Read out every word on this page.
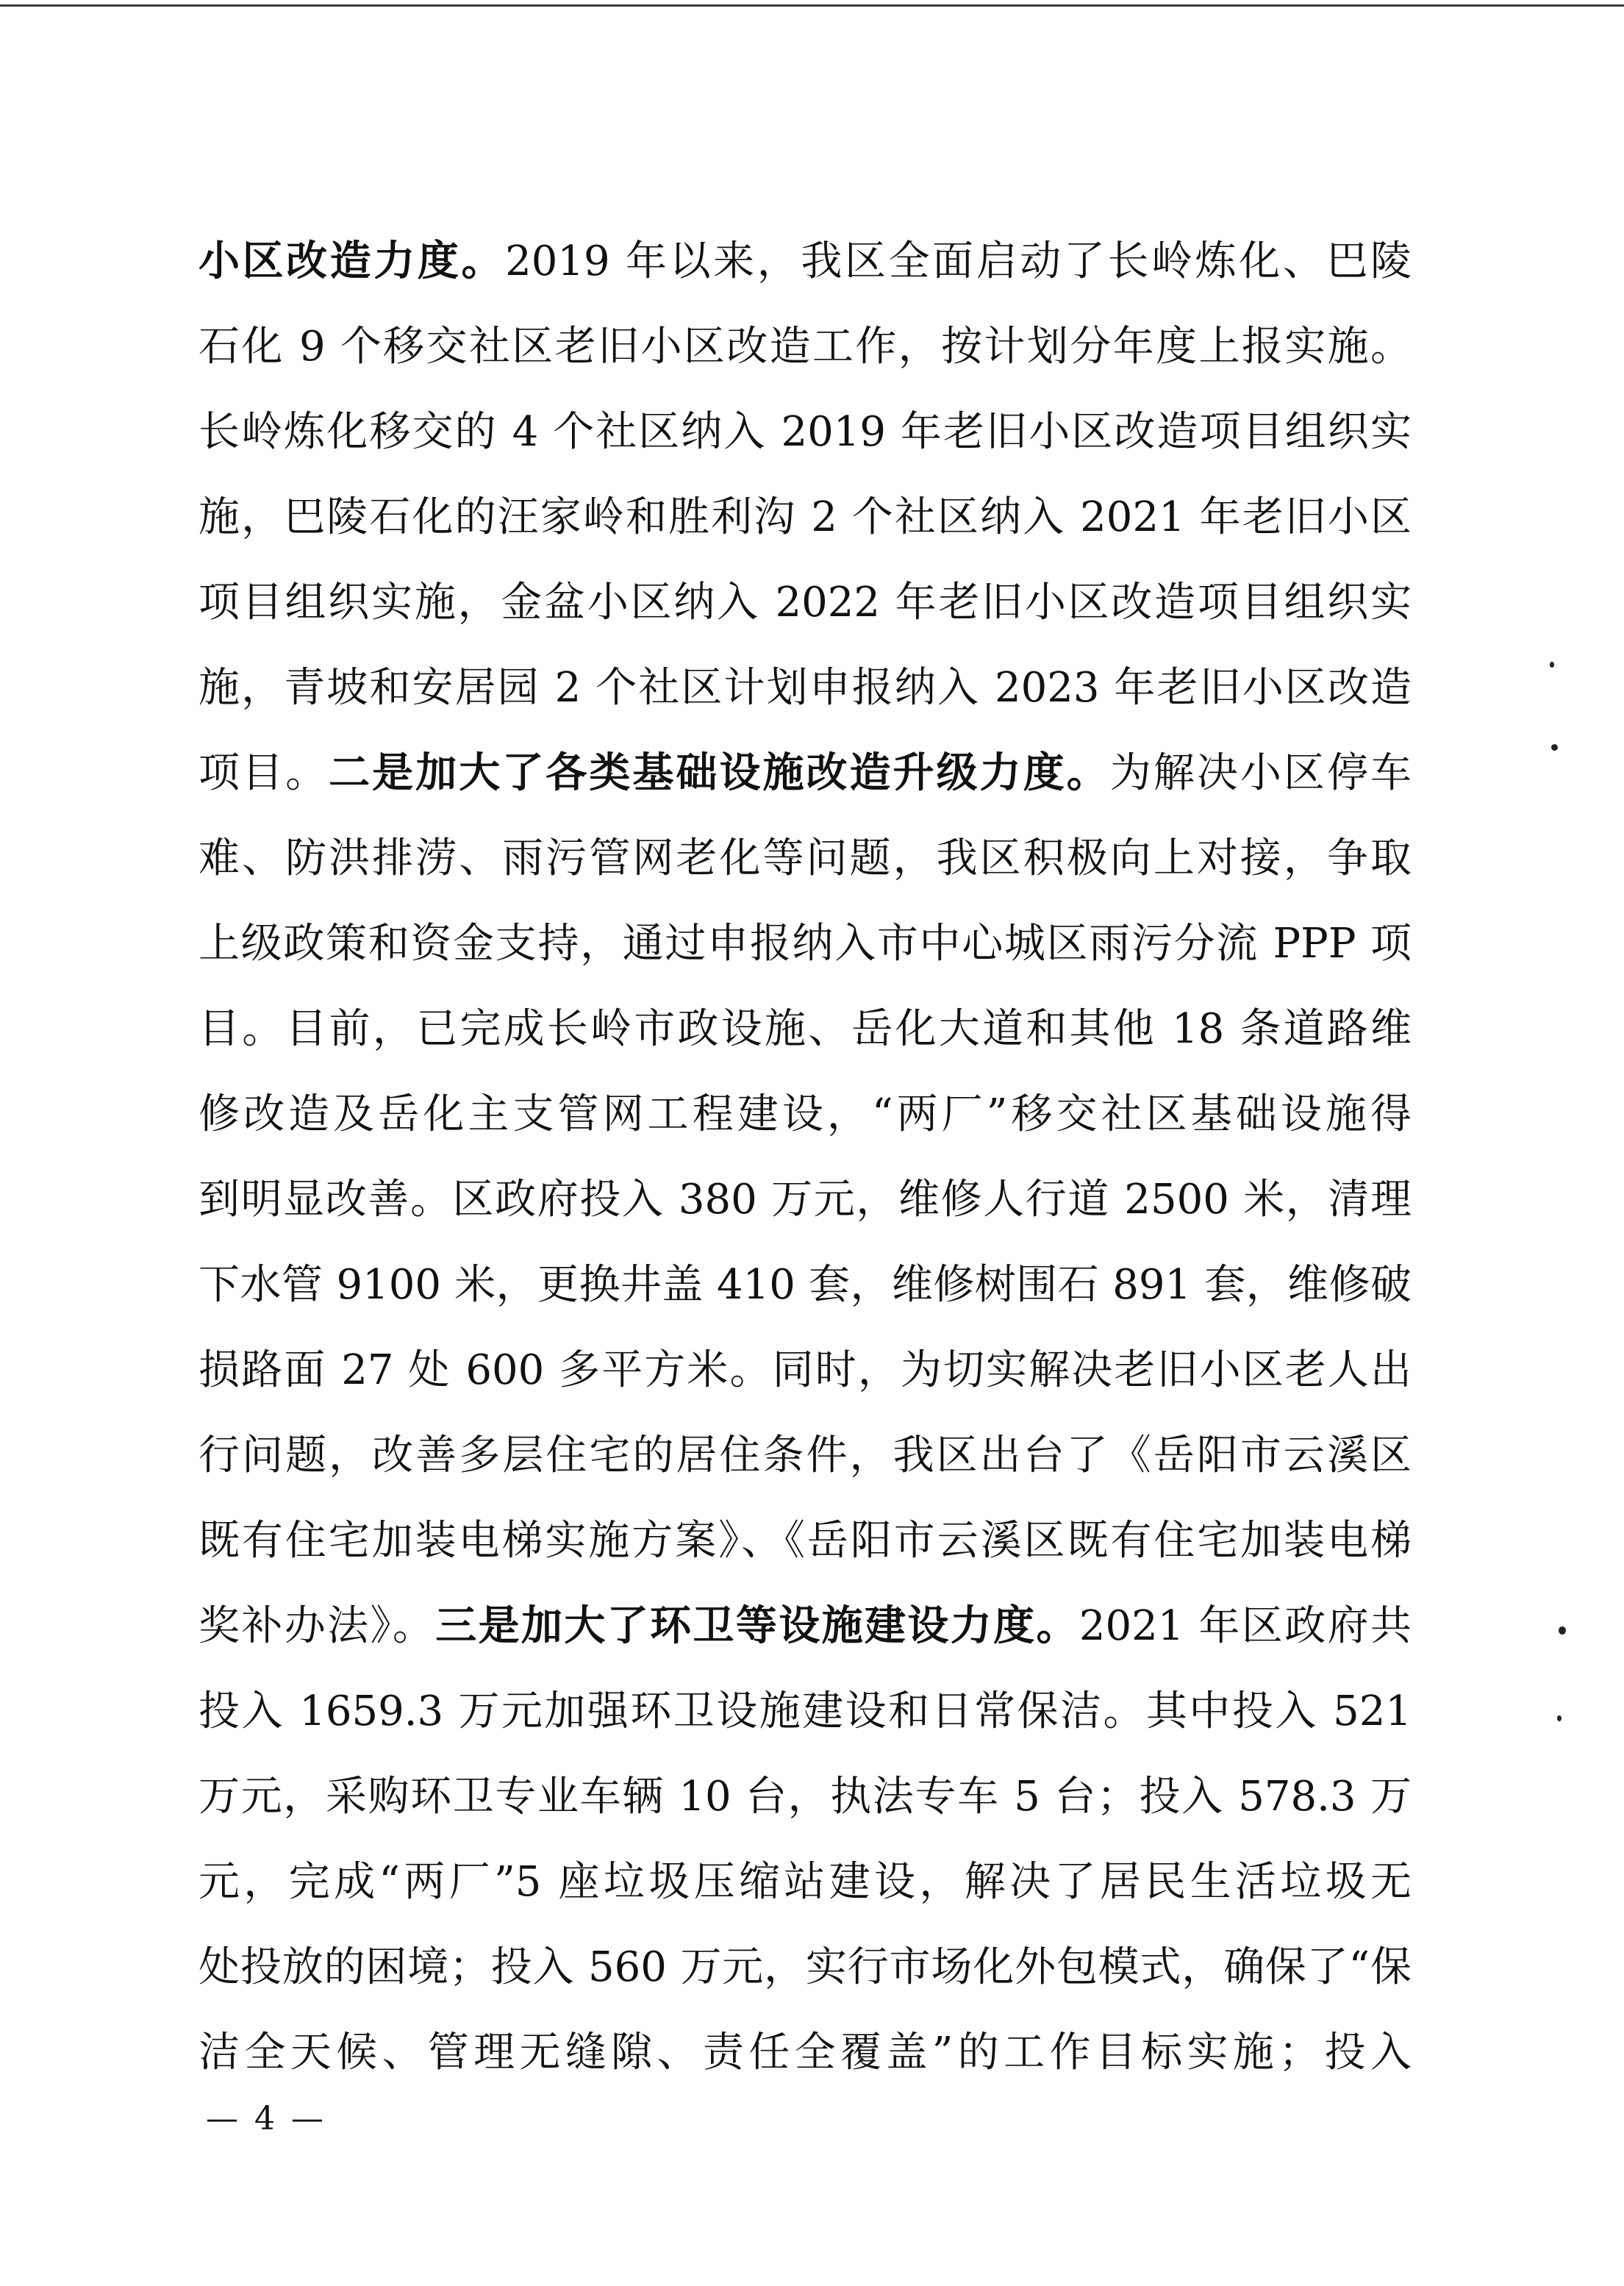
小区改造力度。2019 年以来，我区全面启动了长岭炼化、巴陵
石化 9 个移交社区老旧小区改造工作，按计划分年度上报实施。
长岭炼化移交的 4 个社区纳入 2019 年老旧小区改造项目组织实
施，巴陵石化的汪家岭和胜利沟 2 个社区纳入 2021 年老旧小区
项目组织实施，金盆小区纳入 2022 年老旧小区改造项目组织实
施，青坡和安居园 2 个社区计划申报纳入 2023 年老旧小区改造
项目。二是加大了各类基础设施改造升级力度。为解决小区停车
难、防洪排涝、雨污管网老化等问题，我区积极向上对接，争取
上级政策和资金支持，通过申报纳入市中心城区雨污分流 PPP 项
目。目前，已完成长岭市政设施、岳化大道和其他 18 条道路维
修改造及岳化主支管网工程建设，“两厂”移交社区基础设施得
到明显改善。区政府投入 380 万元，维修人行道 2500 米，清理
下水管 9100 米，更换井盖 410 套，维修树围石 891 套，维修破
损路面 27 处 600 多平方米。同时，为切实解决老旧小区老人出
行问题，改善多层住宅的居住条件，我区出台了《岳阳市云溪区
既有住宅加装电梯实施方案》、《岳阳市云溪区既有住宅加装电梯
奖补办法》。三是加大了环卫等设施建设力度。2021 年区政府共
投入 1659.3 万元加强环卫设施建设和日常保洁。其中投入 521
万元，采购环卫专业车辆 10 台，执法专车 5 台；投入 578.3 万
元，完成“两厂”5 座垃圾压缩站建设，解决了居民生活垃圾无
处投放的困境；投入 560 万元，实行市场化外包模式，确保了“保
洁全天候、管理无缝隙、责任全覆盖”的工作目标实施；投入
— 4 —
